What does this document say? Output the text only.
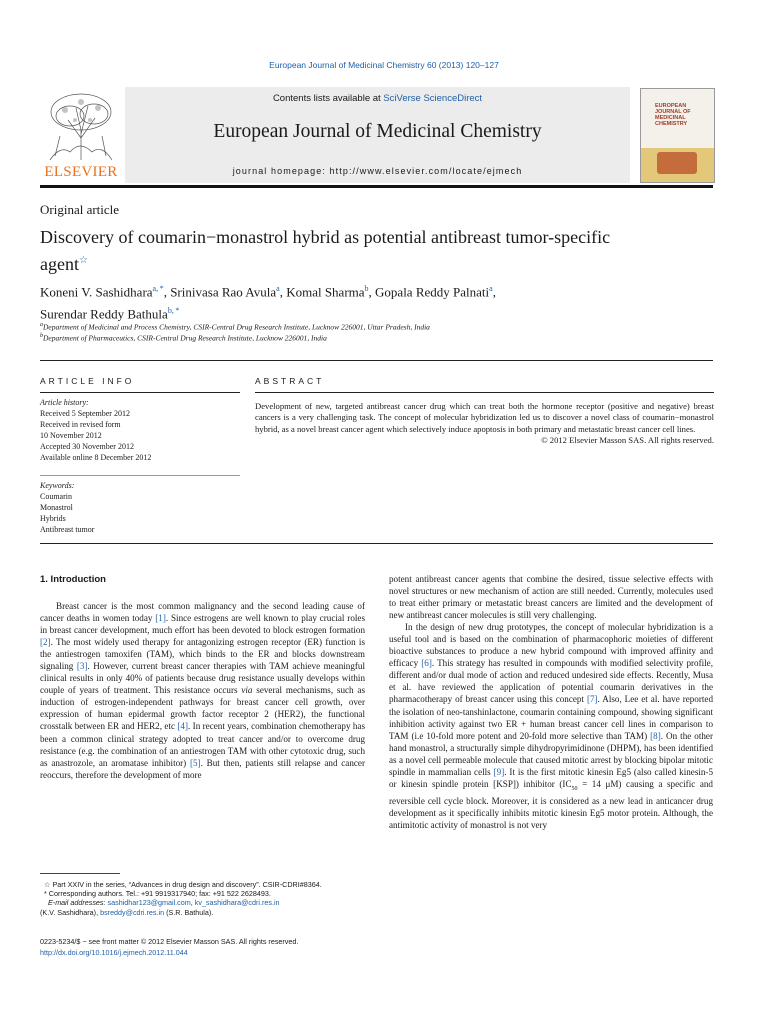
European Journal of Medicinal Chemistry 60 (2013) 120–127
ELSEVIER
Contents lists available at SciVerse ScienceDirect
European Journal of Medicinal Chemistry
journal homepage: http://www.elsevier.com/locate/ejmech
EUROPEAN JOURNAL OF MEDICINAL CHEMISTRY
Original article
Discovery of coumarin−monastrol hybrid as potential antibreast tumor-specific
agent☆
Koneni V. Sashidhara$^{a, *}$, Srinivasa Rao Avula$^a$, Komal Sharma$^b$, Gopala Reddy Palnati$^a$,
Surendar Reddy Bathula$^{b, *}$
$^a$Department of Medicinal and Process Chemistry, CSIR-Central Drug Research Institute, Lucknow 226001, Uttar Pradesh, India
$^b$Department of Pharmaceutics, CSIR-Central Drug Research Institute, Lucknow 226001, India
ARTICLE INFO
Article history:
Received 5 September 2012
Received in revised form
10 November 2012
Accepted 30 November 2012
Available online 8 December 2012
Keywords:
Coumarin
Monastrol
Hybrids
Antibreast tumor
ABSTRACT
Development of new, targeted antibreast cancer drug which can treat both the hormone receptor (positive and negative) breast cancers is a very challenging task. The concept of molecular hybridization led us to discover a novel class of coumarin−monastrol hybrid, as a novel breast cancer agent which selectively induce apoptosis in both primary and metastatic breast cancer cell lines.
© 2012 Elsevier Masson SAS. All rights reserved.
1. Introduction

Breast cancer is the most common malignancy and the second leading cause of cancer deaths in women today [1]. Since estrogens are well known to play crucial roles in breast cancer development, much effort has been devoted to block estrogen formation [2]. The most widely used therapy for antagonizing estrogen receptor (ER) function is the antiestrogen tamoxifen (TAM), which binds to the ER and blocks downstream signaling [3]. However, current breast cancer therapies with TAM achieve meaningful clinical results in only 40% of patients because drug resistance usually develops within couple of years of treatment. This resistance occurs via several mechanisms, such as induction of estrogen-independent pathways for breast cancer cell growth, over expression of human epidermal growth factor receptor 2 (HER2), the functional crosstalk between ER and HER2, etc [4]. In recent years, combination chemotherapy has been a common clinical strategy adopted to treat cancer and/or to overcome drug resistance (e.g. the combination of an antiestrogen TAM with other cytotoxic drug, such as anastrozole, an aromatase inhibitor) [5]. But then, patients still relapse and cancer reoccurs, therefore the development of more

potent antibreast cancer agents that combine the desired, tissue selective effects with novel structures or new mechanism of action are still needed. Currently, molecules used to treat either primary or metastatic breast cancers are limited and the development of new antibreast cancer molecules is still very challenging.

In the design of new drug prototypes, the concept of molecular hybridization is a useful tool and is based on the combination of pharmacophoric moieties of different bioactive substances to produce a new hybrid compound with improved affinity and efficacy [6]. This strategy has resulted in compounds with modified selectivity profile, different and/or dual mode of action and reduced undesired side effects. Recently, Musa et al. have reviewed the application of potential coumarin derivatives in the pharmacotherapy of breast cancer using this concept [7]. Also, Lee et al. have reported the isolation of neo-tanshinlactone, coumarin containing compound, showing significant inhibition activity against two ER + human breast cancer cell lines in comparison to TAM (i.e 10-fold more potent and 20-fold more selective than TAM) [8]. On the other hand monastrol, a structurally simple dihydropyrimidinone (DHPM), has been identified as a novel cell permeable molecule that caused mitotic arrest by blocking bipolar mitotic spindle in mammalian cells [9]. It is the first mitotic kinesin Eg5 (also called kinesin-5 or kinesin spindle protein [KSP]) inhibitor ($IC_{50} = 14$ μM) causing a specific and reversible cell cycle block. Moreover, it is considered as a new lead in anticancer drug development as it specifically inhibits mitotic kinesin Eg5 motor protein. Although, the antimitotic activity of monastrol is not very

☆ Part XXIV in the series, “Advances in drug design and discovery”. CSIR-CDRI#8364.
* Corresponding authors. Tel.: +91 9919317940; fax: +91 522 2628493.
E-mail addresses: sashidhar123@gmail.com, kv_sashidhara@cdri.res.in
(K.V. Sashidhara), bsreddy@cdri.res.in (S.R. Bathula).
0223-5234/$ − see front matter © 2012 Elsevier Masson SAS. All rights reserved.
http://dx.doi.org/10.1016/j.ejmech.2012.11.044
